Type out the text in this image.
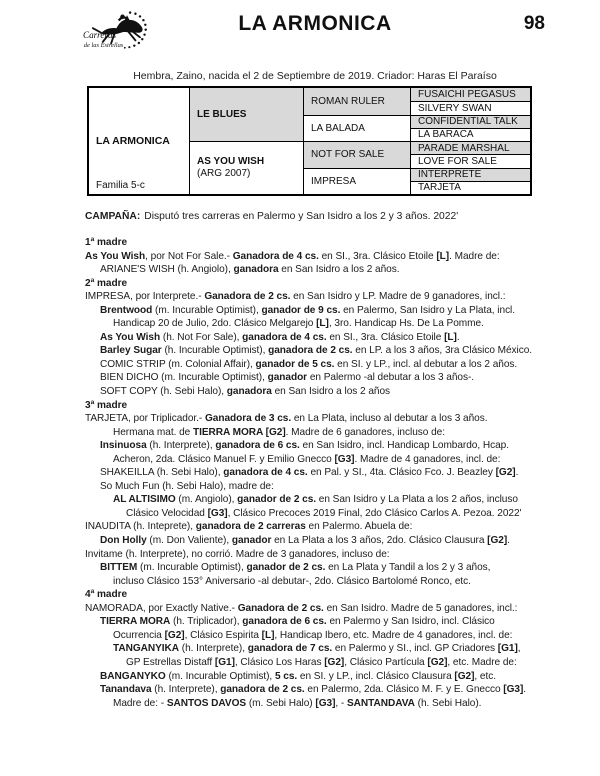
Carreras
de las Estrellas
LA ARMONICA	98
Hembra, Zaino, nacida el 2 de Septiembre de 2019. Criador: Haras El Paraíso
LA ARMONICA
Familia 5-c
LE BLUES
AS YOU WISH
(ARG 2007)
ROMAN RULER
LA BALADA
NOT FOR SALE
IMPRESA
FUSAICHI PEGASUS
SILVERY SWAN
CONFIDENTIAL TALK
LA BARACA
PARADE MARSHAL
LOVE FOR SALE
INTERPRETE
TARJETA
CAMPAÑA: Disputó tres carreras en Palermo y San Isidro a los 2 y 3 años. 2022'
1ª madre
As You Wish, por Not For Sale.- Ganadora de 4 cs. en SI., 3ra. Clásico Etoile [L]. Madre de:
ARIANE'S WISH (h. Angiolo), ganadora en San Isidro a los 2 años.
2ª madre
IMPRESA, por Interprete.- Ganadora de 2 cs. en San Isidro y LP. Madre de 9 ganadores, incl.:
Brentwood (m. Incurable Optimist), ganador de 9 cs. en Palermo, San Isidro y La Plata, incl.
Handicap 20 de Julio, 2do. Clásico Melgarejo [L], 3ro. Handicap Hs. De La Pomme.
As You Wish (h. Not For Sale), ganadora de 4 cs. en SI., 3ra. Clásico Etoile [L].
Barley Sugar (h. Incurable Optimist), ganadora de 2 cs. en LP. a los 3 años, 3ra Clásico México.
COMIC STRIP (m. Colonial Affair), ganador de 5 cs. en SI. y LP., incl. al debutar a los 2 años.
BIEN DICHO (m. Incurable Optimist), ganador en Palermo -al debutar a los 3 años-.
SOFT COPY (h. Sebi Halo), ganadora en San Isidro a los 2 años
3ª madre
TARJETA, por Triplicador.- Ganadora de 3 cs. en La Plata, incluso al debutar a los 3 años.
Hermana mat. de TIERRA MORA [G2]. Madre de 6 ganadores, incluso de:
Insinuosa (h. Interprete), ganadora de 6 cs. en San Isidro, incl. Handicap Lombardo, Hcap.
Acheron, 2da. Clásico Manuel F. y Emilio Gnecco [G3]. Madre de 4 ganadores, incl. de:
SHAKEILLA (h. Sebi Halo), ganadora de 4 cs. en Pal. y SI., 4ta. Clásico Fco. J. Beazley [G2].
So Much Fun (h. Sebi Halo), madre de:
AL ALTISIMO (m. Angiolo), ganador de 2 cs. en San Isidro y La Plata a los 2 años, incluso
Clásico Velocidad [G3], Clásico Precoces 2019 Final, 2do Clásico Carlos A. Pezoa. 2022'
INAUDITA (h. Inteprete), ganadora de 2 carreras en Palermo. Abuela de:
Don Holly (m. Don Valiente), ganador en La Plata a los 3 años, 2do. Clásico Clausura [G2].
Invitame (h. Interprete), no corrió. Madre de 3 ganadores, incluso de:
BITTEM (m. Incurable Optimist), ganador de 2 cs. en La Plata y Tandil a los 2 y 3 años,
incluso Clásico 153° Aniversario -al debutar-, 2do. Clásico Bartolomé Ronco, etc.
4ª madre
NAMORADA, por Exactly Native.- Ganadora de 2 cs. en San Isidro. Madre de 5 ganadores, incl.:
TIERRA MORA (h. Triplicador), ganadora de 6 cs. en Palermo y San Isidro, incl. Clásico
Ocurrencia [G2], Clásico Espirita [L], Handicap Ibero, etc. Madre de 4 ganadores, incl. de:
TANGANYIKA (h. Interprete), ganadora de 7 cs. en Palermo y SI., incl. GP Criadores [G1],
GP Estrellas Distaff [G1], Clásico Los Haras [G2], Clásico Partícula [G2], etc. Madre de:
BANGANYKO (m. Incurable Optimist), 5 cs. en SI. y LP., incl. Clásico Clausura [G2], etc.
Tanandava (h. Interprete), ganadora de 2 cs. en Palermo, 2da. Clásico M. F. y E. Gnecco [G3].
Madre de: - SANTOS DAVOS (m. Sebi Halo) [G3], - SANTANDAVA (h. Sebi Halo).
